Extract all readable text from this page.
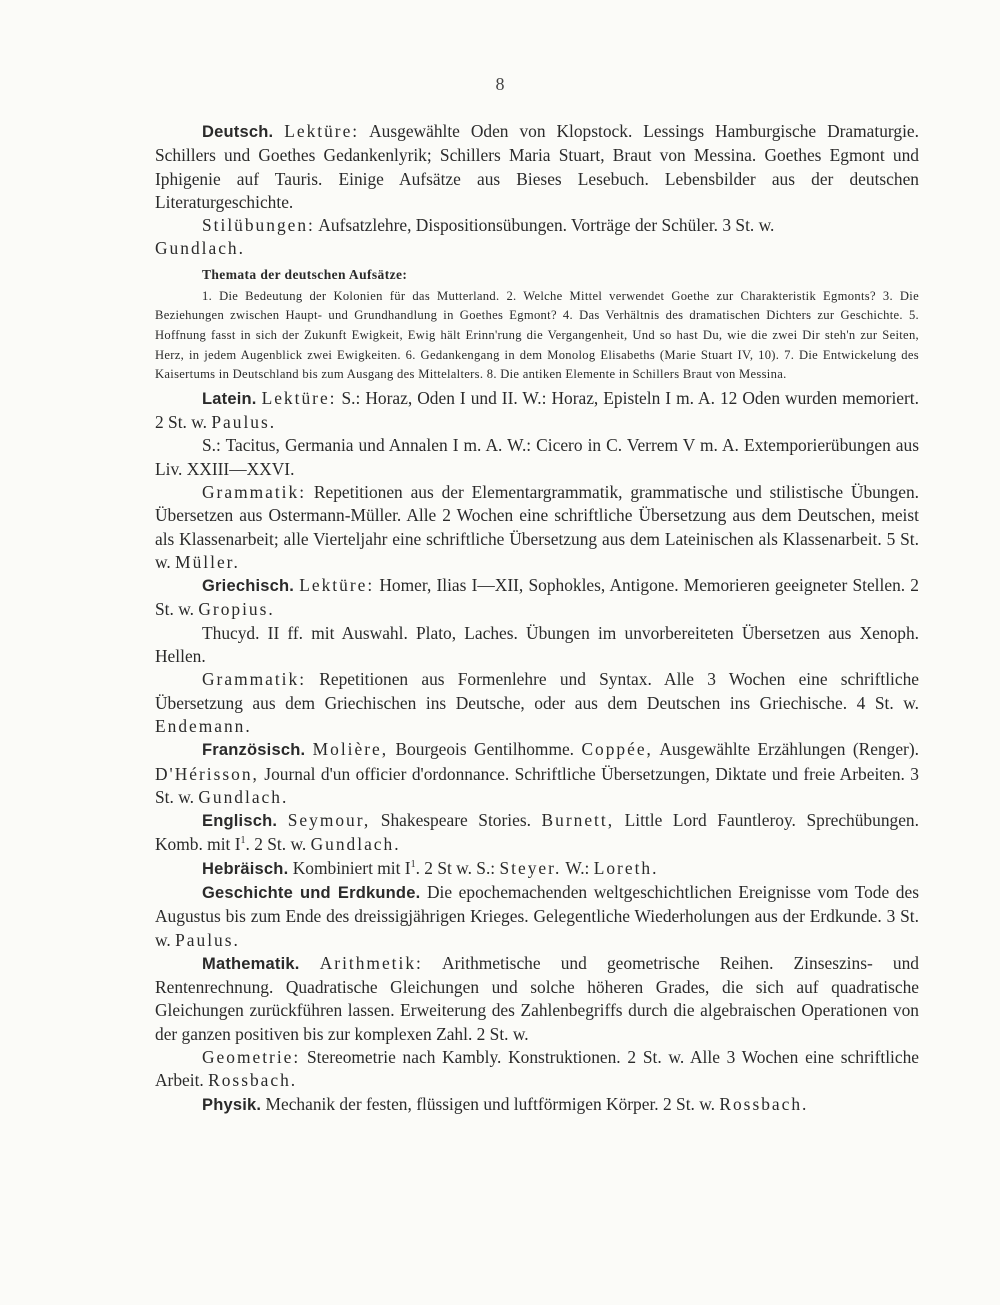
8

Deutsch. Lektüre: Ausgewählte Oden von Klopstock. Lessings Hamburgische Dramaturgie. Schillers und Goethes Gedankenlyrik; Schillers Maria Stuart, Braut von Messina. Goethes Egmont und Iphigenie auf Tauris. Einige Aufsätze aus Bieses Lesebuch. Lebensbilder aus der deutschen Literaturgeschichte.

Stilübungen: Aufsatzlehre, Dispositionsübungen. Vorträge der Schüler. 3 St. w.
Gundlach.

Themata der deutschen Aufsätze:

1. Die Bedeutung der Kolonien für das Mutterland. 2. Welche Mittel verwendet Goethe zur Charakteristik Egmonts? 3. Die Beziehungen zwischen Haupt- und Grundhandlung in Goethes Egmont? 4. Das Verhältnis des dramatischen Dichters zur Geschichte. 5. Hoffnung fasst in sich der Zukunft Ewigkeit, Ewig hält Erinn'rung die Vergangenheit, Und so hast Du, wie die zwei Dir steh'n zur Seiten, Herz, in jedem Augenblick zwei Ewigkeiten. 6. Gedankengang in dem Monolog Elisabeths (Marie Stuart IV, 10). 7. Die Entwickelung des Kaisertums in Deutschland bis zum Ausgang des Mittelalters. 8. Die antiken Elemente in Schillers Braut von Messina.

Latein. Lektüre: S.: Horaz, Oden I und II. W.: Horaz, Episteln I m. A. 12 Oden wurden memoriert. 2 St. w. Paulus.

S.: Tacitus, Germania und Annalen I m. A. W.: Cicero in C. Verrem V m. A. Extemporierübungen aus Liv. XXIII—XXVI.

Grammatik: Repetitionen aus der Elementargrammatik, grammatische und stilistische Übungen. Übersetzen aus Ostermann-Müller. Alle 2 Wochen eine schriftliche Übersetzung aus dem Deutschen, meist als Klassenarbeit; alle Vierteljahr eine schriftliche Übersetzung aus dem Lateinischen als Klassenarbeit. 5 St. w. Müller.

Griechisch. Lektüre: Homer, Ilias I—XII, Sophokles, Antigone. Memorieren geeigneter Stellen. 2 St. w. Gropius.

Thucyd. II ff. mit Auswahl. Plato, Laches. Übungen im unvorbereiteten Übersetzen aus Xenoph. Hellen.

Grammatik: Repetitionen aus Formenlehre und Syntax. Alle 3 Wochen eine schriftliche Übersetzung aus dem Griechischen ins Deutsche, oder aus dem Deutschen ins Griechische. 4 St. w. Endemann.

Französisch. Molière, Bourgeois Gentilhomme. Coppée, Ausgewählte Erzählungen (Renger). D'Hérisson, Journal d'un officier d'ordonnance. Schriftliche Übersetzungen, Diktate und freie Arbeiten. 3 St. w. Gundlach.

Englisch. Seymour, Shakespeare Stories. Burnett, Little Lord Fauntleroy. Sprechübungen. Komb. mit $I^1$. 2 St. w. Gundlach.

Hebräisch. Kombiniert mit $I^1$. 2 St w. S.: Steyer. W.: Loreth.

Geschichte und Erdkunde. Die epochemachenden weltgeschichtlichen Ereignisse vom Tode des Augustus bis zum Ende des dreissigjährigen Krieges. Gelegentliche Wiederholungen aus der Erdkunde. 3 St. w. Paulus.

Mathematik. Arithmetik: Arithmetische und geometrische Reihen. Zinseszins- und Rentenrechnung. Quadratische Gleichungen und solche höheren Grades, die sich auf quadratische Gleichungen zurückführen lassen. Erweiterung des Zahlenbegriffs durch die algebraischen Operationen von der ganzen positiven bis zur komplexen Zahl. 2 St. w.

Geometrie: Stereometrie nach Kambly. Konstruktionen. 2 St. w. Alle 3 Wochen eine schriftliche Arbeit. Rossbach.

Physik. Mechanik der festen, flüssigen und luftförmigen Körper. 2 St. w. Rossbach.
